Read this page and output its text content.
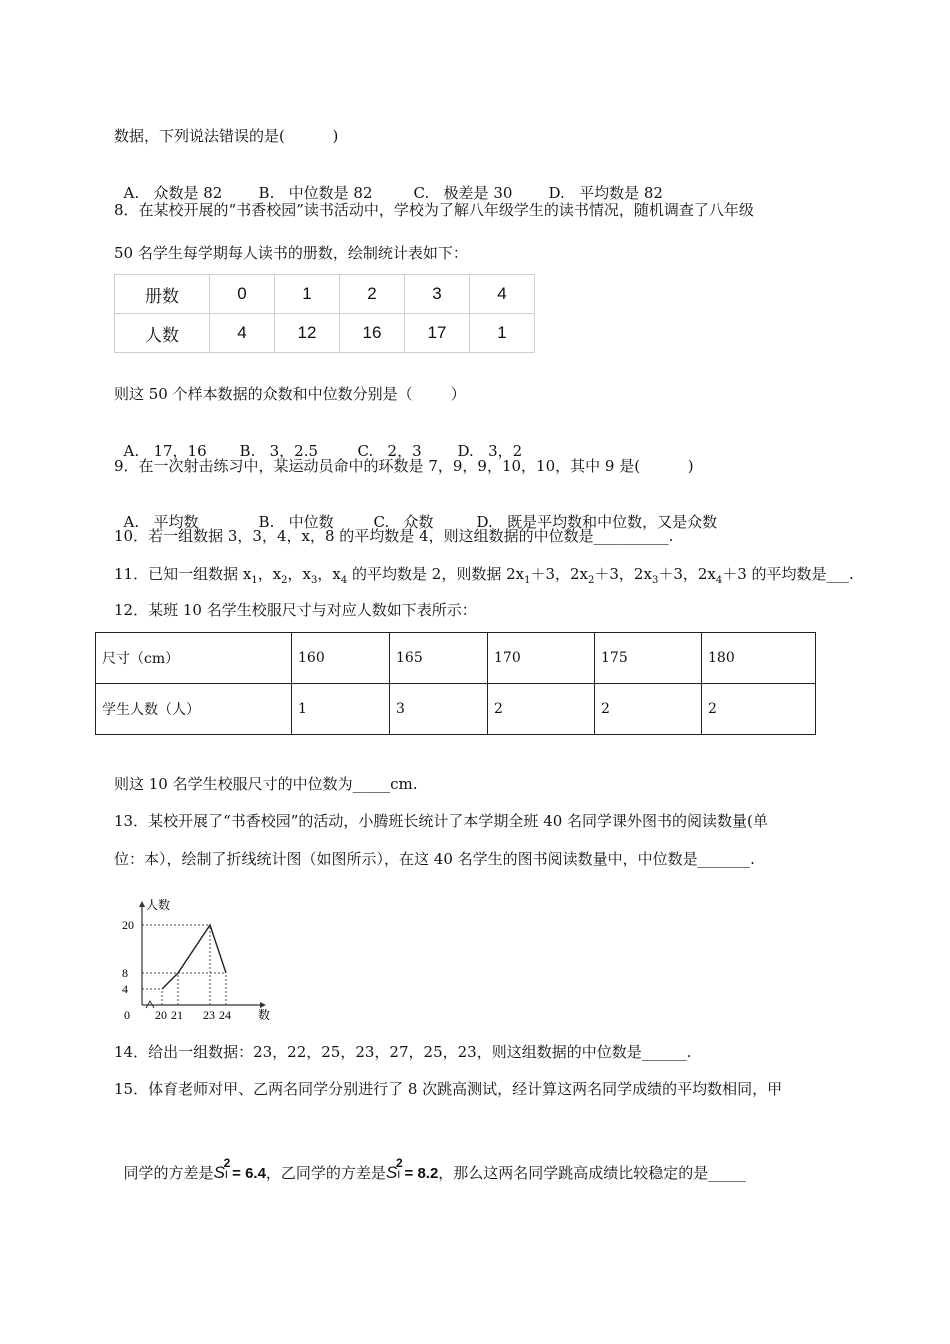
数据，下列说法错误的是(          )

A.   众数是 82 B.   中位数是 82	C.   极差是 30 D.   平均数是 82

8．在某校开展的“书香校园”读书活动中，学校为了解八年级学生的读书情况，随机调查了八年级
50 名学生每学期每人读书的册数，绘制统计表如下：
册数	0	1	2	3	4
人数	4	12	16	17	1
则这 50 个样本数据的众数和中位数分别是（        ）

A.   17，16 B.   3，2.5	C.   2，3 D.   3，2

9．在一次射击练习中，某运动员命中的环数是 7，9，9，10，10，其中 9 是(          )

A.   平均数	B.   中位数	C.   众数	D.   既是平均数和中位数，又是众数

10．若一组数据 3，3，4，x，8 的平均数是 4，则这组数据的中位数是__________.
11．已知一组数据 $x_1$，$x_2$，$x_3$，$x_4$ 的平均数是 2，则数据 $2x_1+3$，$2x_2+3$，$2x_3+3$，$2x_4+3$ 的平均数是___.
12．某班 10 名学生校服尺寸与对应人数如下表所示：
尺寸（cm）	160	165	170	175	180
学生人数（人）	1	3	2	2	2
则这 10 名学生校服尺寸的中位数为_____cm.
13．某校开展了“书香校园”的活动，小腾班长统计了本学期全班 40 名同学课外图书的阅读数量(单
位：本），绘制了折线统计图（如图所示），在这 40 名学生的图书阅读数量中，中位数是_______.
人数
数
20
8
4
0 20 21 23 24
14．给出一组数据：23，22，25，23，27，25，23，则这组数据的中位数是______.
15．体育老师对甲、乙两名同学分别进行了 8 次跳高测试，经计算这两名同学成绩的平均数相同，甲

同学的方差是SI
2
= 6.4，乙同学的方差是SI
2
= 8.2，那么这两名同学跳高成绩比较稳定的是_____
